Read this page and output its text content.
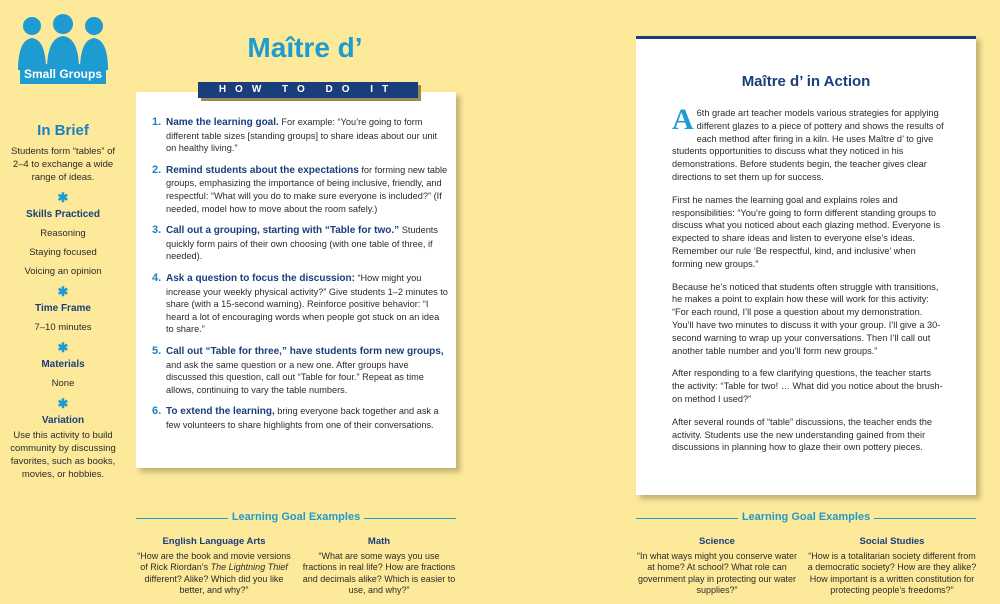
Small Groups
In Brief

Students form “tables” of 2–4 to exchange a wide range of ideas.

✱
Skills Practiced

Reasoning

Staying focused

Voicing an opinion

✱
Time Frame

7–10 minutes

✱
Materials

None

✱
Variation

Use this activity to build community by discussing favorites, such as books, movies, or hobbies.

Maître d’
1. Name the learning goal. For example: “You’re going to form different table sizes [standing groups] to share ideas about our unit on healthy living.”
2. Remind students about the expectations for forming new table groups, emphasizing the importance of being inclusive, friendly, and respectful: “What will you do to make sure everyone is included?” (If needed, model how to move about the room safely.)
3. Call out a grouping, starting with “Table for two.” Students quickly form pairs of their own choosing (with one table of three, if needed).
4. Ask a question to focus the discussion: “How might you increase your weekly physical activity?” Give students 1–2 minutes to share (with a 15-second warning). Reinforce positive behavior: “I heard a lot of encouraging words when people got stuck on an idea to share.”
5. Call out “Table for three,” have students form new groups, and ask the same question or a new one. After groups have discussed this question, call out “Table for four.” Repeat as time allows, continuing to vary the table numbers.
6. To extend the learning, bring everyone back together and ask a few volunteers to share highlights from one of their conversations.
HOW TO DO IT	Maître d’ in Action

A 6th grade art teacher models various strategies for applying different glazes to a piece of pottery and shows the results of each method after firing in a kiln. He uses Maître d’ to give students opportunities to discuss what they noticed in his demonstrations. Before students begin, the teacher gives clear directions to set them up for success.

First he names the learning goal and explains roles and responsibilities: “You’re going to form different standing groups to discuss what you noticed about each glazing method. Everyone is expected to share ideas and listen to everyone else’s ideas. Remember our rule ‘Be respectful, kind, and inclusive’ when forming new groups.”

Because he’s noticed that students often struggle with transitions, he makes a point to explain how these will work for this activity: “For each round, I’ll pose a question about my demonstration. You’ll have two minutes to discuss it with your group. I’ll give a 30-second warning to wrap up your conversations. Then I’ll call out another table number and you’ll form new groups.”

After responding to a few clarifying questions, the teacher starts the activity: “Table for two! … What did you notice about the brush-on method I used?”

After several rounds of “table” discussions, the teacher ends the activity. Students use the new understanding gained from their discussions in planning how to glaze their own pottery pieces.

Learning Goal Examples
English Language Arts
“How are the book and movie versions of Rick Riordan’s The Lightning Thief different? Alike? Which did you like better, and why?”
Math
“What are some ways you use fractions in real life? How are fractions and decimals alike? Which is easier to use, and why?”
Learning Goal Examples
Science
“In what ways might you conserve water at home? At school? What role can government play in protecting our water supplies?”
Social Studies
“How is a totalitarian society different from a democratic society? How are they alike? How important is a written constitution for protecting people’s freedoms?”
